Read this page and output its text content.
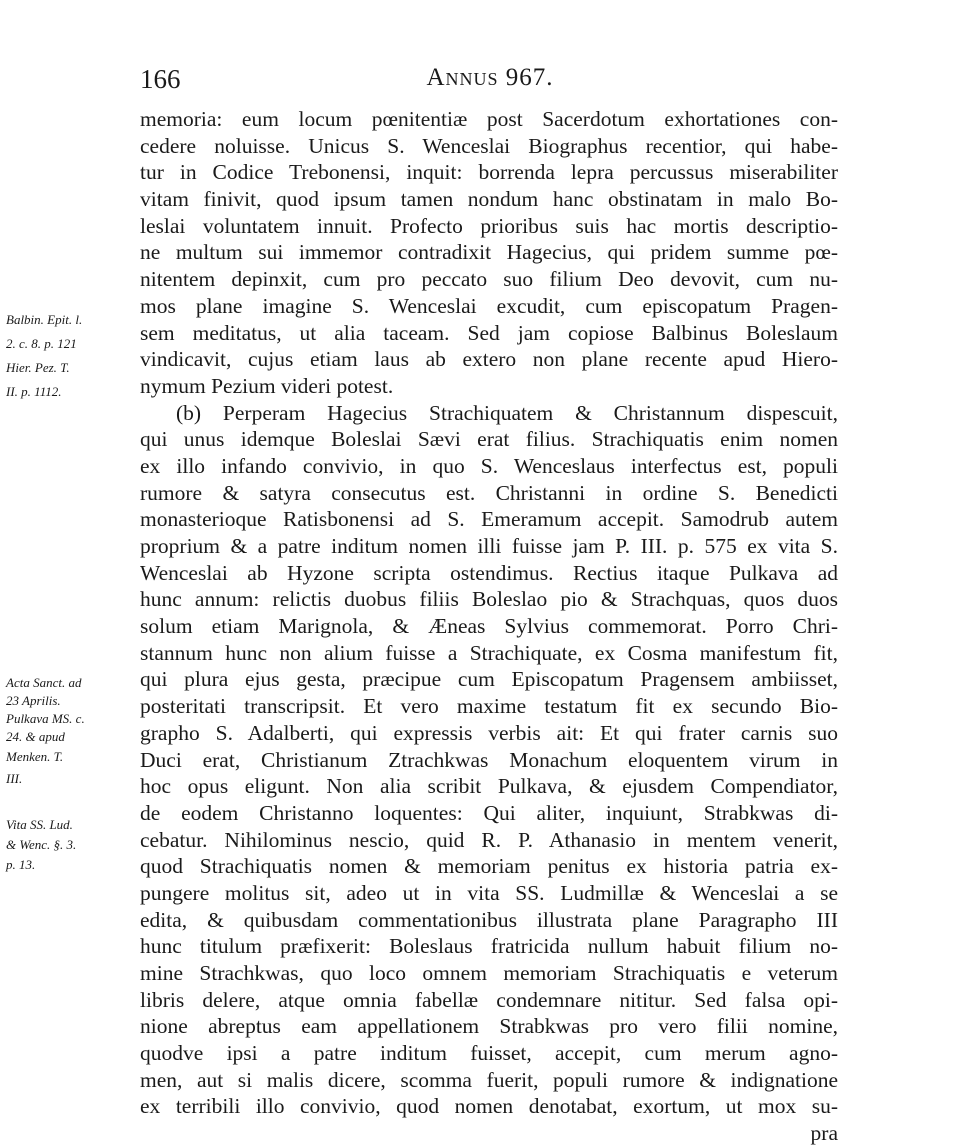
166	Annus 967.
memoria: eum locum pœnitentiæ post Sacerdotum exhortationes con-
cedere noluisse. Unicus S. Wenceslai Biographus recentior, qui habe-
tur in Codice Trebonensi, inquit: borrenda lepra percussus miserabiliter
vitam finivit, quod ipsum tamen nondum hanc obstinatam in malo Bo-
leslai voluntatem innuit. Profecto prioribus suis hac mortis descriptio-
ne multum sui immemor contradixit Hagecius, qui pridem summe pœ-
nitentem depinxit, cum pro peccato suo filium Deo devovit, cum nu-
mos plane imagine S. Wenceslai excudit, cum episcopatum Pragen-
sem meditatus, ut alia taceam. Sed jam copiose Balbinus Boleslaum
vindicavit, cujus etiam laus ab extero non plane recente apud Hiero-
nymum Pezium videri potest.
(b) Perperam Hagecius Strachiquatem & Christannum dispescuit,
qui unus idemque Boleslai Sævi erat filius. Strachiquatis enim nomen
ex illo infando convivio, in quo S. Wenceslaus interfectus est, populi
rumore & satyra consecutus est. Christanni in ordine S. Benedicti
monasterioque Ratisbonensi ad S. Emeramum accepit. Samodrub autem
proprium & a patre inditum nomen illi fuisse jam P. III. p. 575 ex vita S.
Wenceslai ab Hyzone scripta ostendimus. Rectius itaque Pulkava ad
hunc annum: relictis duobus filiis Boleslao pio & Strachquas, quos duos
solum etiam Marignola, & Æneas Sylvius commemorat. Porro Chri-
stannum hunc non alium fuisse a Strachiquate, ex Cosma manifestum fit,
qui plura ejus gesta, præcipue cum Episcopatum Pragensem ambiisset,
posteritati transcripsit. Et vero maxime testatum fit ex secundo Bio-
grapho S. Adalberti, qui expressis verbis ait: Et qui frater carnis suo
Duci erat, Christianum Ztrachkwas Monachum eloquentem virum in
hoc opus eligunt. Non alia scribit Pulkava, & ejusdem Compendiator,
de eodem Christanno loquentes: Qui aliter, inquiunt, Strabkwas di-
cebatur. Nihilominus nescio, quid R. P. Athanasio in mentem venerit,
quod Strachiquatis nomen & memoriam penitus ex historia patria ex-
pungere molitus sit, adeo ut in vita SS. Ludmillæ & Wenceslai a se
edita, & quibusdam commentationibus illustrata plane Paragrapho III
hunc titulum præfixerit: Boleslaus fratricida nullum habuit filium no-
mine Strachkwas, quo loco omnem memoriam Strachiquatis e veterum
libris delere, atque omnia fabellæ condemnare nititur. Sed falsa opi-
nione abreptus eam appellationem Strabkwas pro vero filii nomine,
quodve ipsi a patre inditum fuisset, accepit, cum merum agno-
men, aut si malis dicere, scomma fuerit, populi rumore & indignatione
ex terribili illo convivio, quod nomen denotabat, exortum, ut mox su-
pra
Balbin. Epit. l.
2. c. 8. p. 121
Hier. Pez. T.
II. p. 1112.
Acta Sanct. ad
23 Aprilis.
Pulkava MS. c.
24. & apud
Menken. T.
III.
Vita SS. Lud.
& Wenc. §. 3.
p. 13.
